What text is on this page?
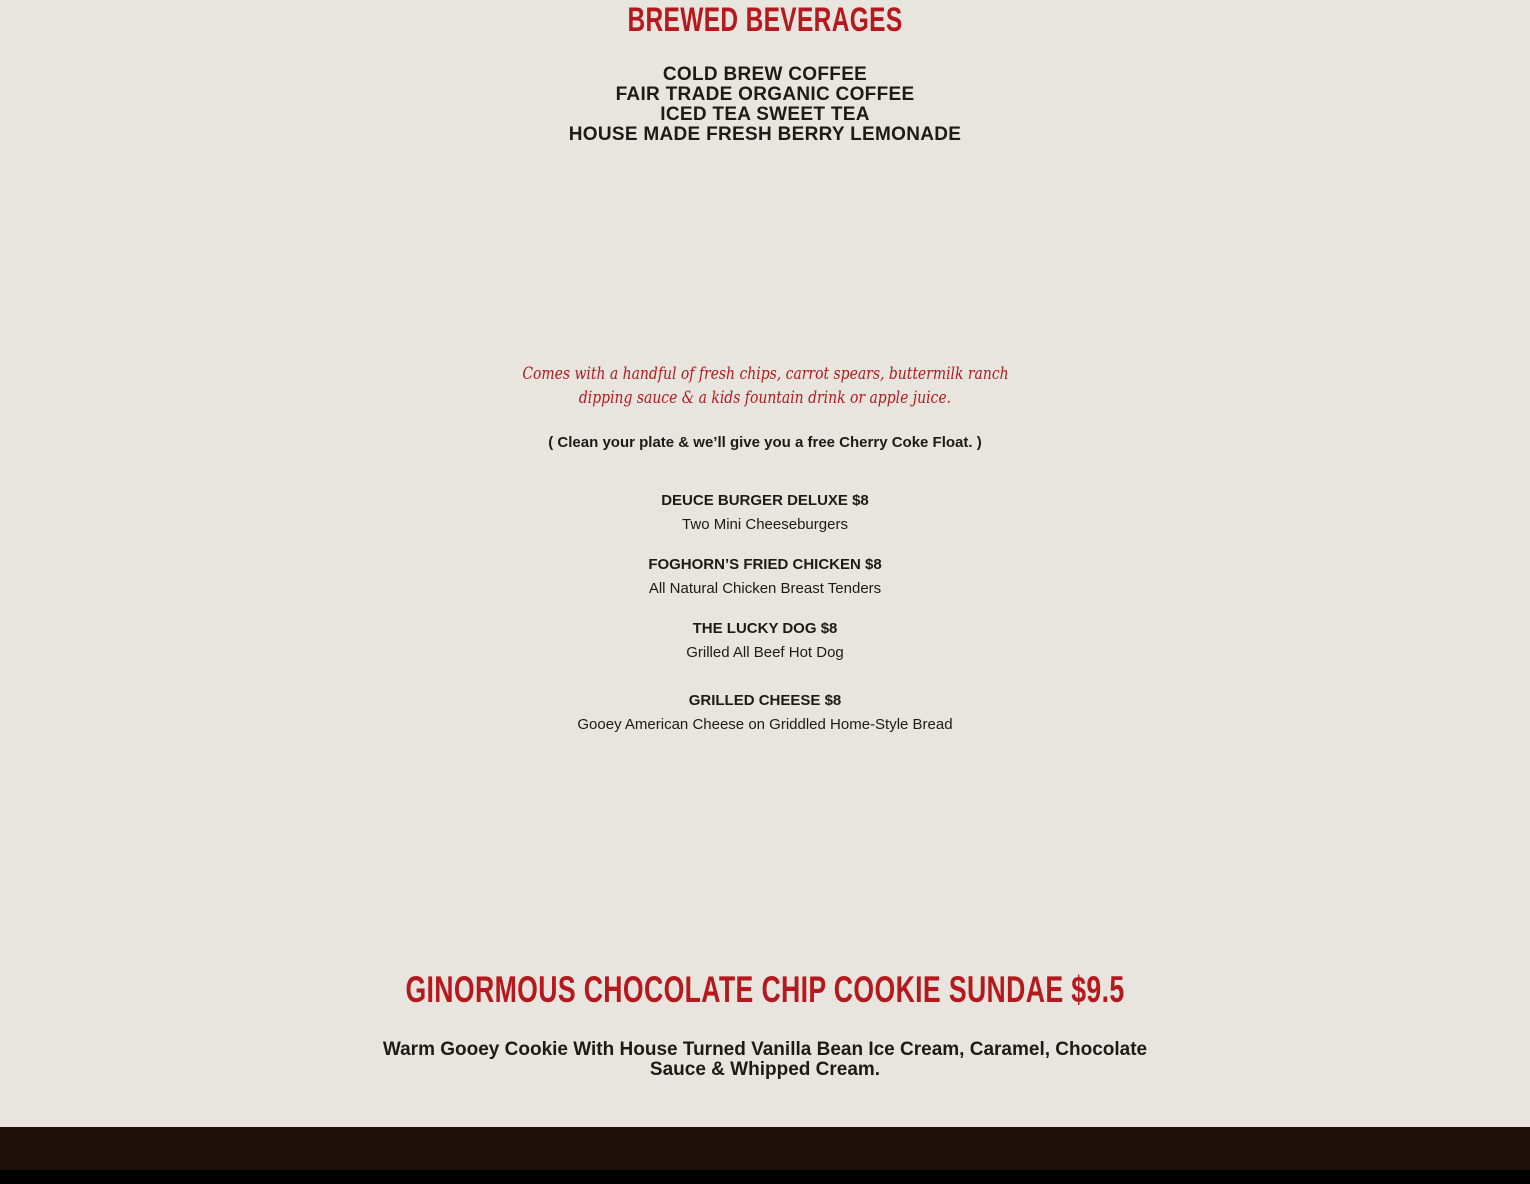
BREWED BEVERAGES
COLD BREW COFFEE
FAIR TRADE ORGANIC COFFEE
ICED TEA SWEET TEA
HOUSE MADE FRESH BERRY LEMONADE
Comes with a handful of fresh chips, carrot spears, buttermilk ranch
dipping sauce & a kids fountain drink or apple juice.
( Clean your plate & we’ll give you a free Cherry Coke Float. )
DEUCE BURGER DELUXE $8
Two Mini Cheeseburgers
FOGHORN’S FRIED CHICKEN $8
All Natural Chicken Breast Tenders
THE LUCKY DOG $8
Grilled All Beef Hot Dog
GRILLED CHEESE $8
Gooey American Cheese on Griddled Home-Style Bread
GINORMOUS CHOCOLATE CHIP COOKIE SUNDAE $9.5
Warm Gooey Cookie With House Turned Vanilla Bean Ice Cream, Caramel, Chocolate Sauce & Whipped Cream.
